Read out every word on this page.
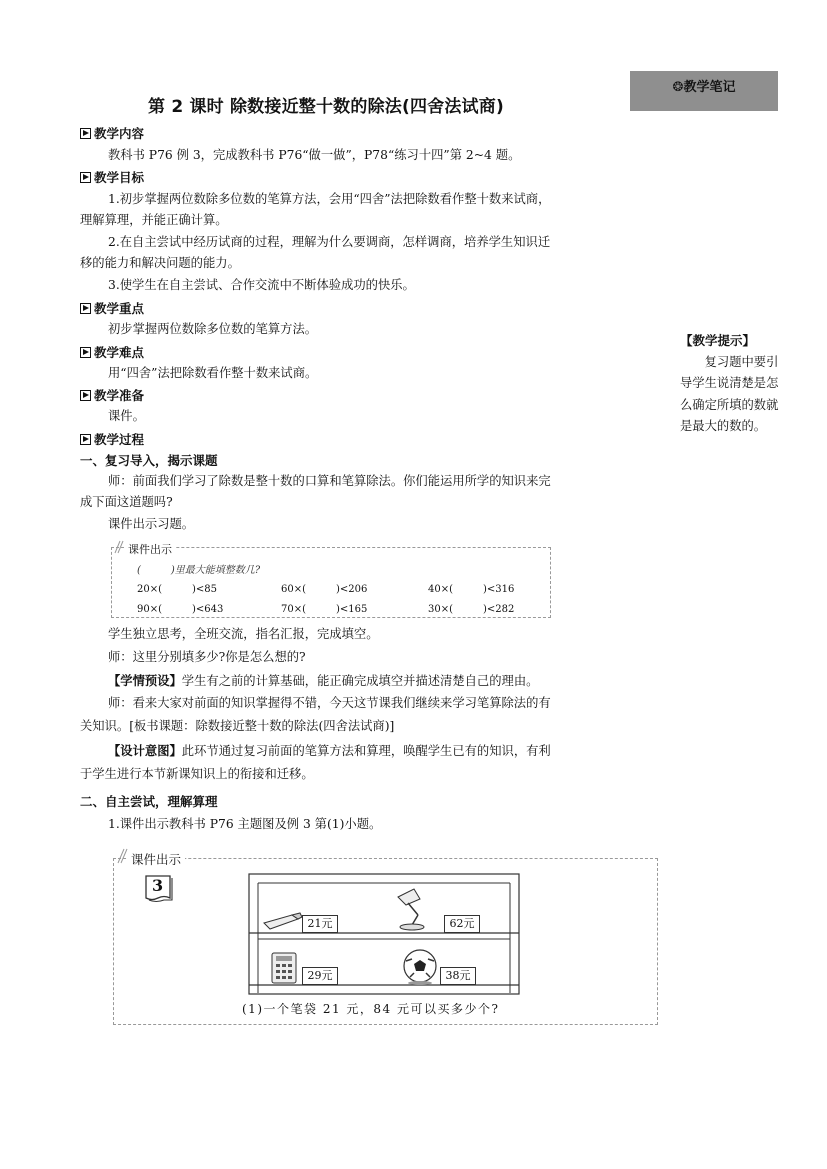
❂教学笔记
第 2 课时 除数接近整十数的除法(四舍法试商)
教学内容
教科书 P76 例 3，完成教科书 P76“做一做”，P78“练习十四”第 2~4 题。
教学目标
1.初步掌握两位数除多位数的笔算方法，会用“四舍”法把除数看作整十数来试商，
理解算理，并能正确计算。
2.在自主尝试中经历试商的过程，理解为什么要调商，怎样调商，培养学生知识迁
移的能力和解决问题的能力。
3.使学生在自主尝试、合作交流中不断体验成功的快乐。
教学重点
初步掌握两位数除多位数的笔算方法。
教学难点
用“四舍”法把除数看作整十数来试商。
教学准备
课件。
教学过程
一、复习导入，揭示课题
师：前面我们学习了除数是整十数的口算和笔算除法。你们能运用所学的知识来完
成下面这道题吗?
课件出示习题。
课件出示
(　　　)里最大能填整数几?
20×(　　　)<85	60×(　　　)<206	40×(　　　)<316
90×(　　　)<643	70×(　　　)<165	30×(　　　)<282
学生独立思考，全班交流，指名汇报，完成填空。
师：这里分别填多少?你是怎么想的?
【学情预设】学生有之前的计算基础，能正确完成填空并描述清楚自己的理由。
师：看来大家对前面的知识掌握得不错，今天这节课我们继续来学习笔算除法的有
关知识。[板书课题：除数接近整十数的除法(四舍法试商)]
【设计意图】此环节通过复习前面的笔算方法和算理，唤醒学生已有的知识，有利
于学生进行本节新课知识上的衔接和迁移。
二、自主尝试，理解算理
1.课件出示教科书 P76 主题图及例 3 第(1)小题。
课件出示
3
21元	62元
29元	38元
(1)一个笔袋 21 元，84 元可以买多少个?
【教学提示】
　　复习题中要引
导学生说清楚是怎
么确定所填的数就
是最大的数的。
